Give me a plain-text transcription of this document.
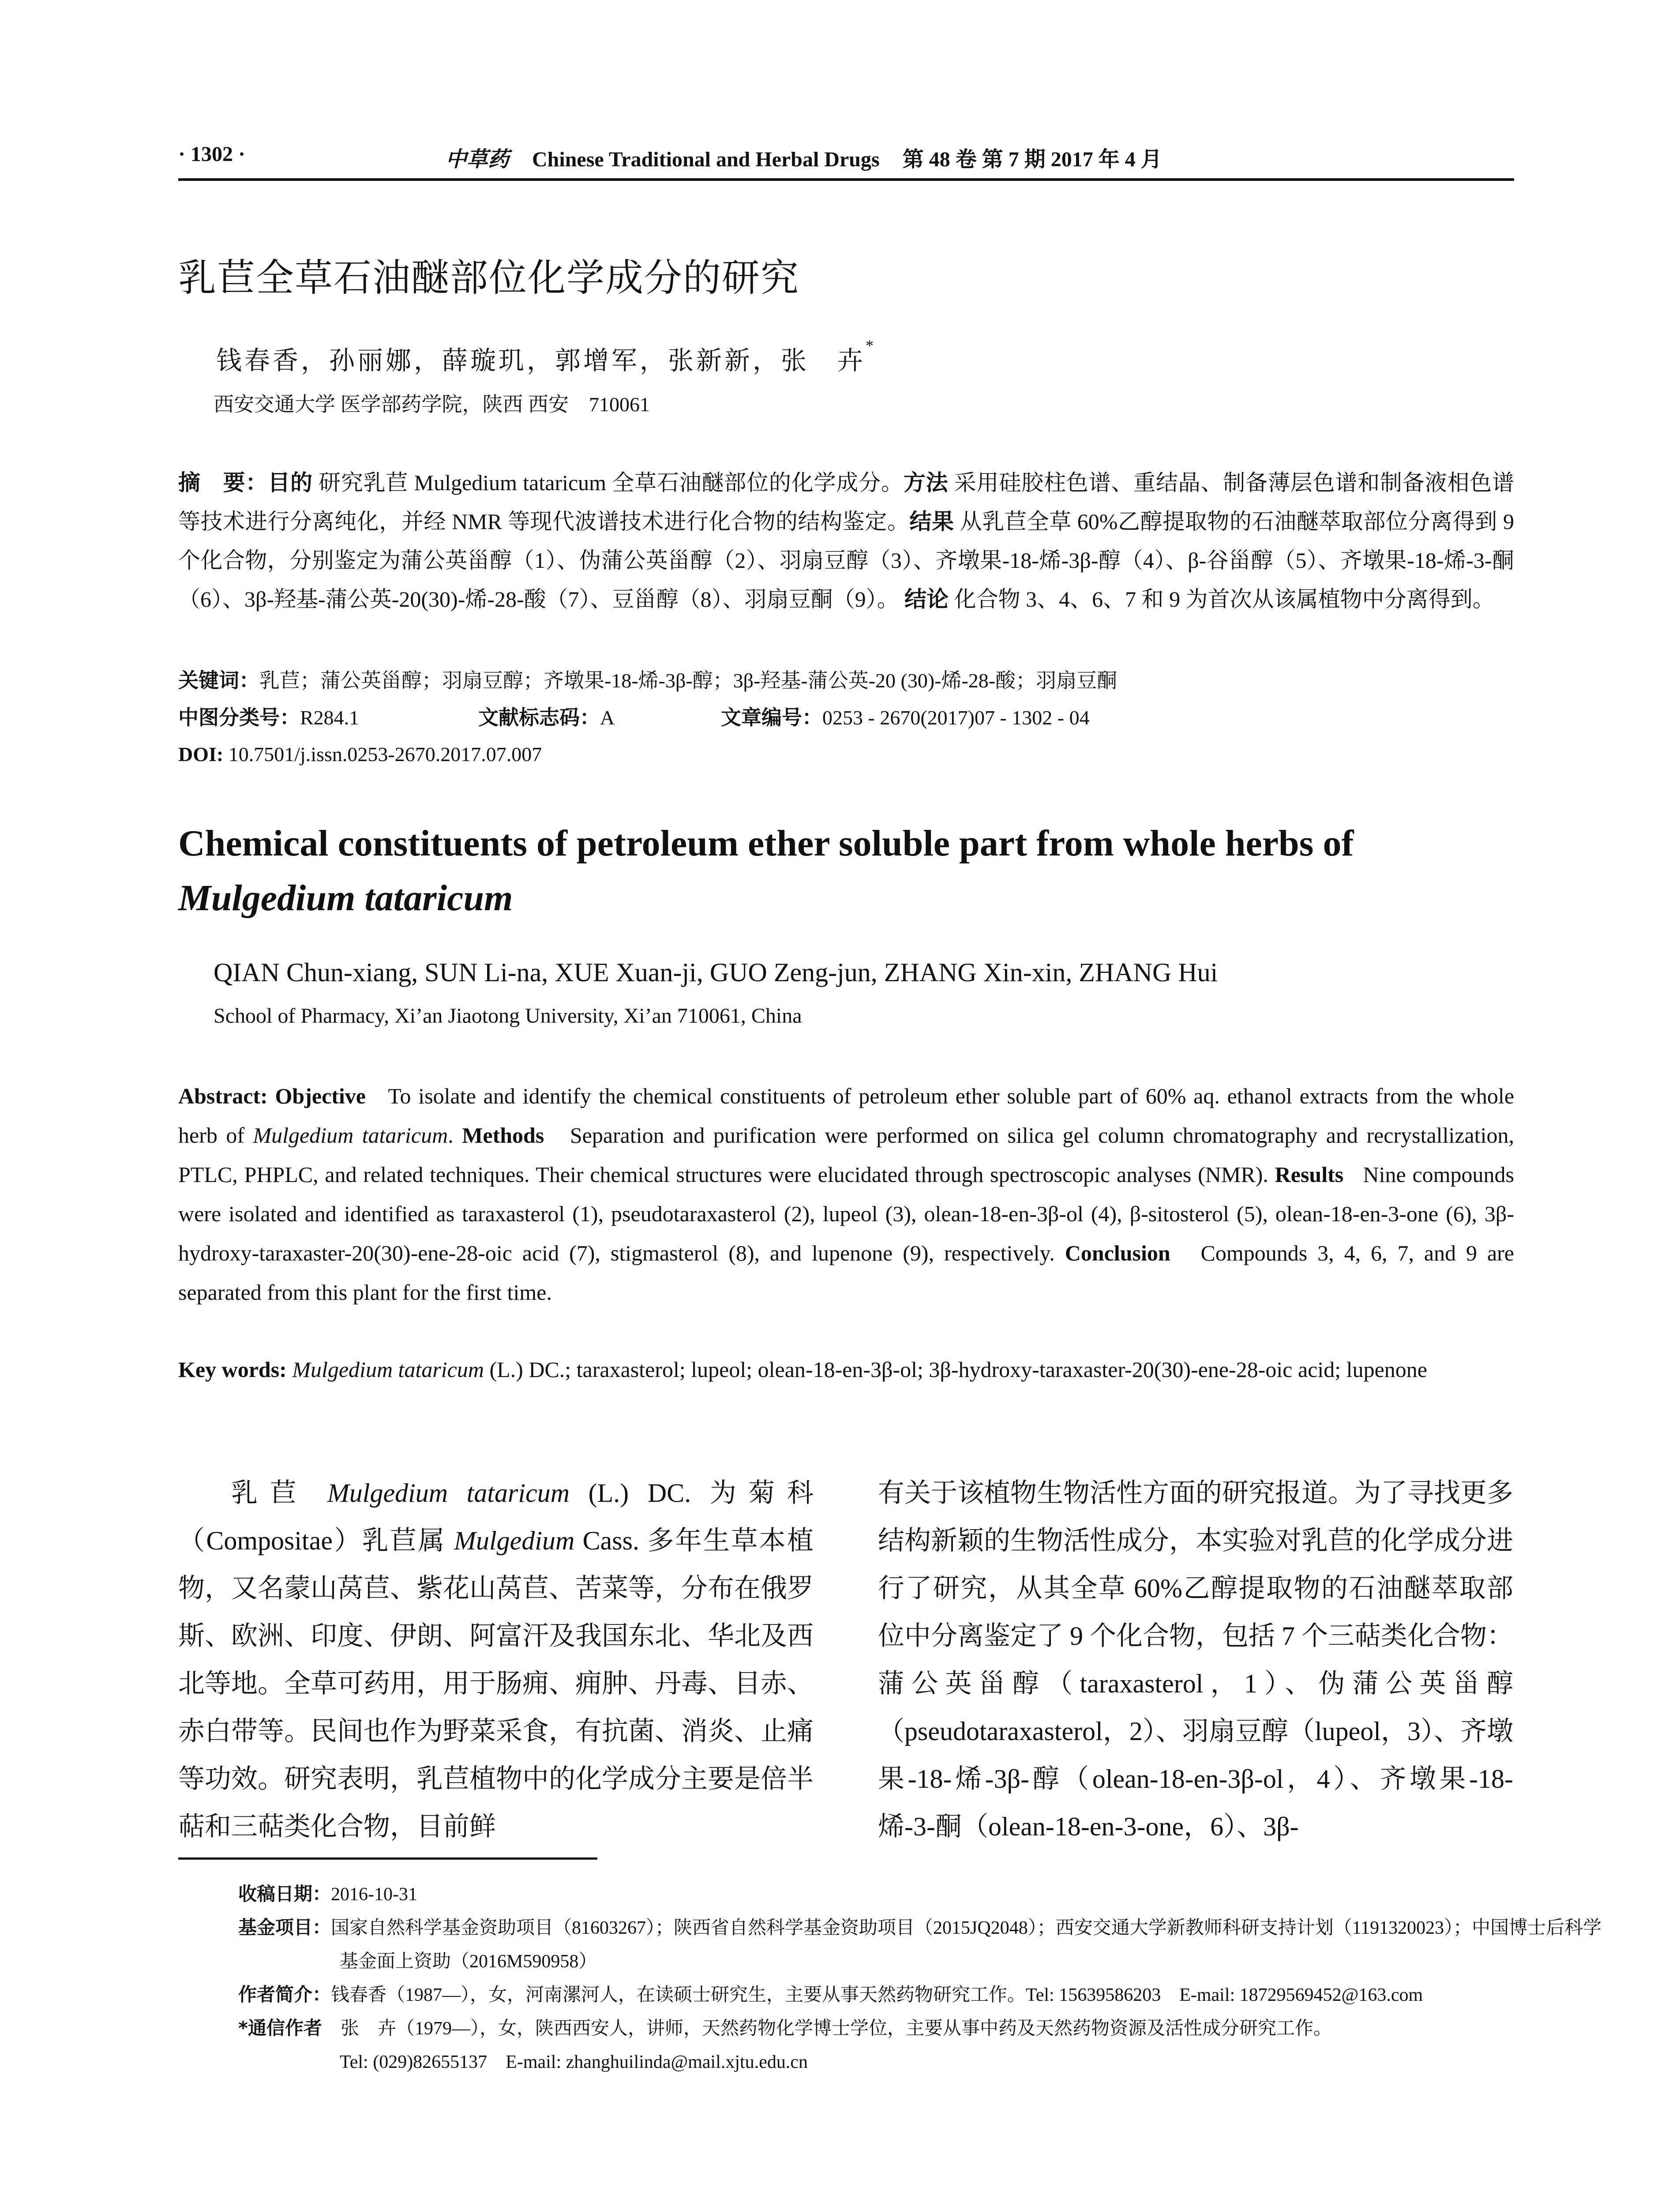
· 1302 ·	中草药 Chinese Traditional and Herbal Drugs 第 48 卷 第 7 期 2017 年 4 月
乳苣全草石油醚部位化学成分的研究
钱春香，孙丽娜，薛璇玑，郭增军，张新新，张　卉*
西安交通大学 医学部药学院，陕西 西安　710061
摘　要：目的 研究乳苣 Mulgedium tataricum 全草石油醚部位的化学成分。方法 采用硅胶柱色谱、重结晶、制备薄层色谱和制备液相色谱等技术进行分离纯化，并经 NMR 等现代波谱技术进行化合物的结构鉴定。结果 从乳苣全草 60%乙醇提取物的石油醚萃取部位分离得到 9 个化合物，分别鉴定为蒲公英甾醇（1）、伪蒲公英甾醇（2）、羽扇豆醇（3）、齐墩果-18-烯-3β-醇（4）、β-谷甾醇（5）、齐墩果-18-烯-3-酮（6）、3β-羟基-蒲公英-20(30)-烯-28-酸（7）、豆甾醇（8）、羽扇豆酮（9）。 结论 化合物 3、4、6、7 和 9 为首次从该属植物中分离得到。
关键词：乳苣；蒲公英甾醇；羽扇豆醇；齐墩果-18-烯-3β-醇；3β-羟基-蒲公英-20 (30)-烯-28-酸；羽扇豆酮
中图分类号：R284.1	文献标志码：A	文章编号：0253 - 2670(2017)07 - 1302 - 04
DOI: 10.7501/j.issn.0253-2670.2017.07.007
Chemical constituents of petroleum ether soluble part from whole herbs of
Mulgedium tataricum
QIAN Chun-xiang, SUN Li-na, XUE Xuan-ji, GUO Zeng-jun, ZHANG Xin-xin, ZHANG Hui
School of Pharmacy, Xi’an Jiaotong University, Xi’an 710061, China
Abstract: Objective To isolate and identify the chemical constituents of petroleum ether soluble part of 60% aq. ethanol extracts from the whole herb of Mulgedium tataricum. Methods Separation and purification were performed on silica gel column chromatography and recrystallization, PTLC, PHPLC, and related techniques. Their chemical structures were elucidated through spectroscopic analyses (NMR). Results Nine compounds were isolated and identified as taraxasterol (1), pseudotaraxasterol (2), lupeol (3), olean-18-en-3β-ol (4), β-sitosterol (5), olean-18-en-3-one (6), 3β-hydroxy-taraxaster-20(30)-ene-28-oic acid (7), stigmasterol (8), and lupenone (9), respectively. Conclusion Compounds 3, 4, 6, 7, and 9 are separated from this plant for the first time.
Key words: Mulgedium tataricum (L.) DC.; taraxasterol; lupeol; olean-18-en-3β-ol; 3β-hydroxy-taraxaster-20(30)-ene-28-oic acid; lupenone
乳苣 Mulgedium tataricum (L.) DC. 为菊科（Compositae）乳苣属 Mulgedium Cass. 多年生草本植物，又名蒙山莴苣、紫花山莴苣、苦菜等，分布在俄罗斯、欧洲、印度、伊朗、阿富汗及我国东北、华北及西北等地。全草可药用，用于肠痈、痈肿、丹毒、目赤、赤白带等。民间也作为野菜采食，有抗菌、消炎、止痛等功效。研究表明，乳苣植物中的化学成分主要是倍半萜和三萜类化合物，目前鲜
有关于该植物生物活性方面的研究报道。为了寻找更多结构新颖的生物活性成分，本实验对乳苣的化学成分进行了研究，从其全草 60%乙醇提取物的石油醚萃取部位中分离鉴定了 9 个化合物，包括 7 个三萜类化合物：蒲公英甾醇（taraxasterol，1）、伪蒲公英甾醇（pseudotaraxasterol，2）、羽扇豆醇（lupeol，3）、齐墩果-18-烯-3β-醇（olean-18-en-3β-ol，4）、齐墩果-18-烯-3-酮（olean-18-en-3-one，6）、3β-
收稿日期：2016-10-31
基金项目：国家自然科学基金资助项目（81603267）；陕西省自然科学基金资助项目（2015JQ2048）；西安交通大学新教师科研支持计划（1191320023）；中国博士后科学基金面上资助（2016M590958）
作者简介：钱春香（1987—），女，河南漯河人，在读硕士研究生，主要从事天然药物研究工作。Tel: 15639586203　E-mail: 18729569452@163.com
*通信作者　张　卉（1979—），女，陕西西安人，讲师，天然药物化学博士学位，主要从事中药及天然药物资源及活性成分研究工作。
Tel: (029)82655137　E-mail: zhanghuilinda@mail.xjtu.edu.cn
